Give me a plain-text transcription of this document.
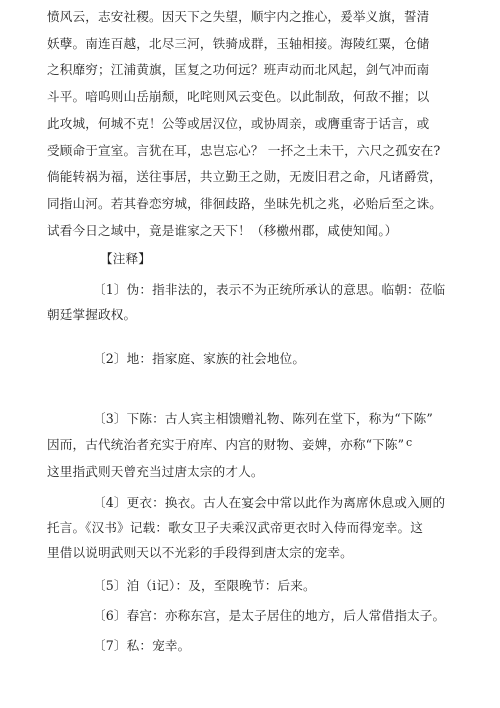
愤风云，志安社稷。因天下之失望，顺宇内之推心，爰举义旗，誓清
妖孽。南连百越，北尽三河，铁骑成群，玉轴相接。海陵红粟，仓储
之积靡穷；江浦黄旗，匡复之功何远？班声动而北风起，剑气冲而南
斗平。喑呜则山岳崩颓，叱咤则风云变色。以此制敌，何敌不摧；以
此攻城，何城不克！公等或居汉位，或协周亲，或膺重寄于话言，或
受顾命于宣室。言犹在耳，忠岂忘心？ 一抔之土未干，六尺之孤安在?
倘能转祸为福，送往事居，共立勤王之勋，无废旧君之命，凡诸爵赏，
同指山河。若其眷恋穷城，徘徊歧路，坐昧先机之兆，必贻后至之诛。
试看今日之域中，竟是谁家之天下！（移檄州郡，咸使知闻。）
【注释】
〔1〕伪：指非法的，表示不为正统所承认的意思。临朝：莅临
朝廷掌握政权。
〔2〕地：指家庭、家族的社会地位。
〔3〕下陈：古人宾主相馈赠礼物、陈列在堂下，称为“下陈”
因而，古代统治者充实于府库、内宫的财物、妾婢，亦称“下陈”
这里指武则天曾充当过唐太宗的才人。
〔4〕更衣：换衣。古人在宴会中常以此作为离席休息或入厕的
托言。《汉书》记载：歌女卫子夫乘汉武帝更衣时入侍而得宠幸。这
里借以说明武则天以不光彩的手段得到唐太宗的宠幸。
〔5〕洎（i记）：及，至限晚节：后来。
〔6〕春宫：亦称东宫，是太子居住的地方，后人常借指太子。
〔7〕私：宠幸。
c
